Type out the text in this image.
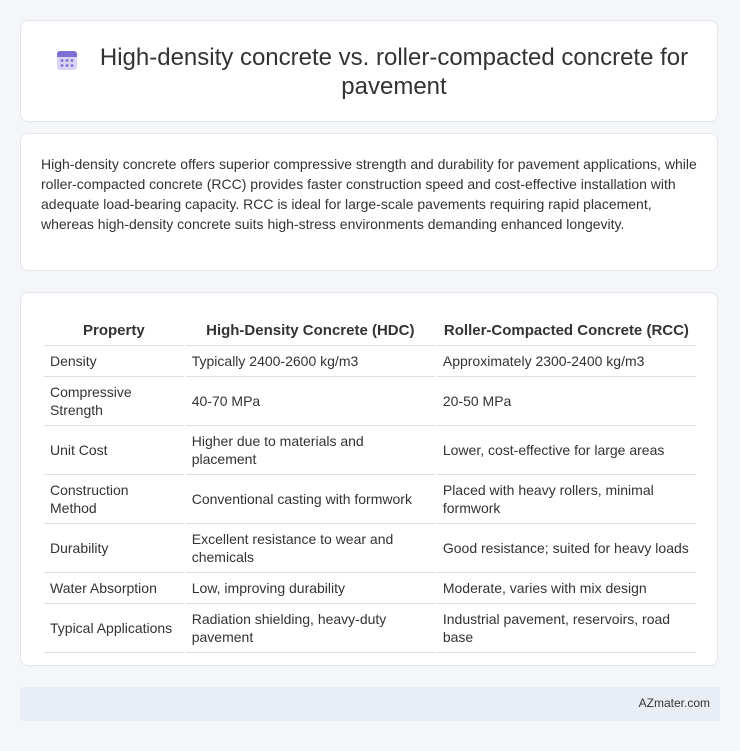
High-density concrete vs. roller-compacted concrete for pavement

High-density concrete offers superior compressive strength and durability for pavement applications, while roller-compacted concrete (RCC) provides faster construction speed and cost-effective installation with adequate load-bearing capacity. RCC is ideal for large-scale pavements requiring rapid placement, whereas high-density concrete suits high-stress environments demanding enhanced longevity.

Property	High-Density Concrete (HDC)	Roller-Compacted Concrete (RCC)
Density	Typically 2400-2600 kg/m3	Approximately 2300-2400 kg/m3
Compressive Strength	40-70 MPa	20-50 MPa
Unit Cost	Higher due to materials and placement	Lower, cost-effective for large areas
Construction Method	Conventional casting with formwork	Placed with heavy rollers, minimal formwork
Durability	Excellent resistance to wear and chemicals	Good resistance; suited for heavy loads
Water Absorption	Low, improving durability	Moderate, varies with mix design
Typical Applications	Radiation shielding, heavy-duty pavement	Industrial pavement, reservoirs, road base
AZmater.com
